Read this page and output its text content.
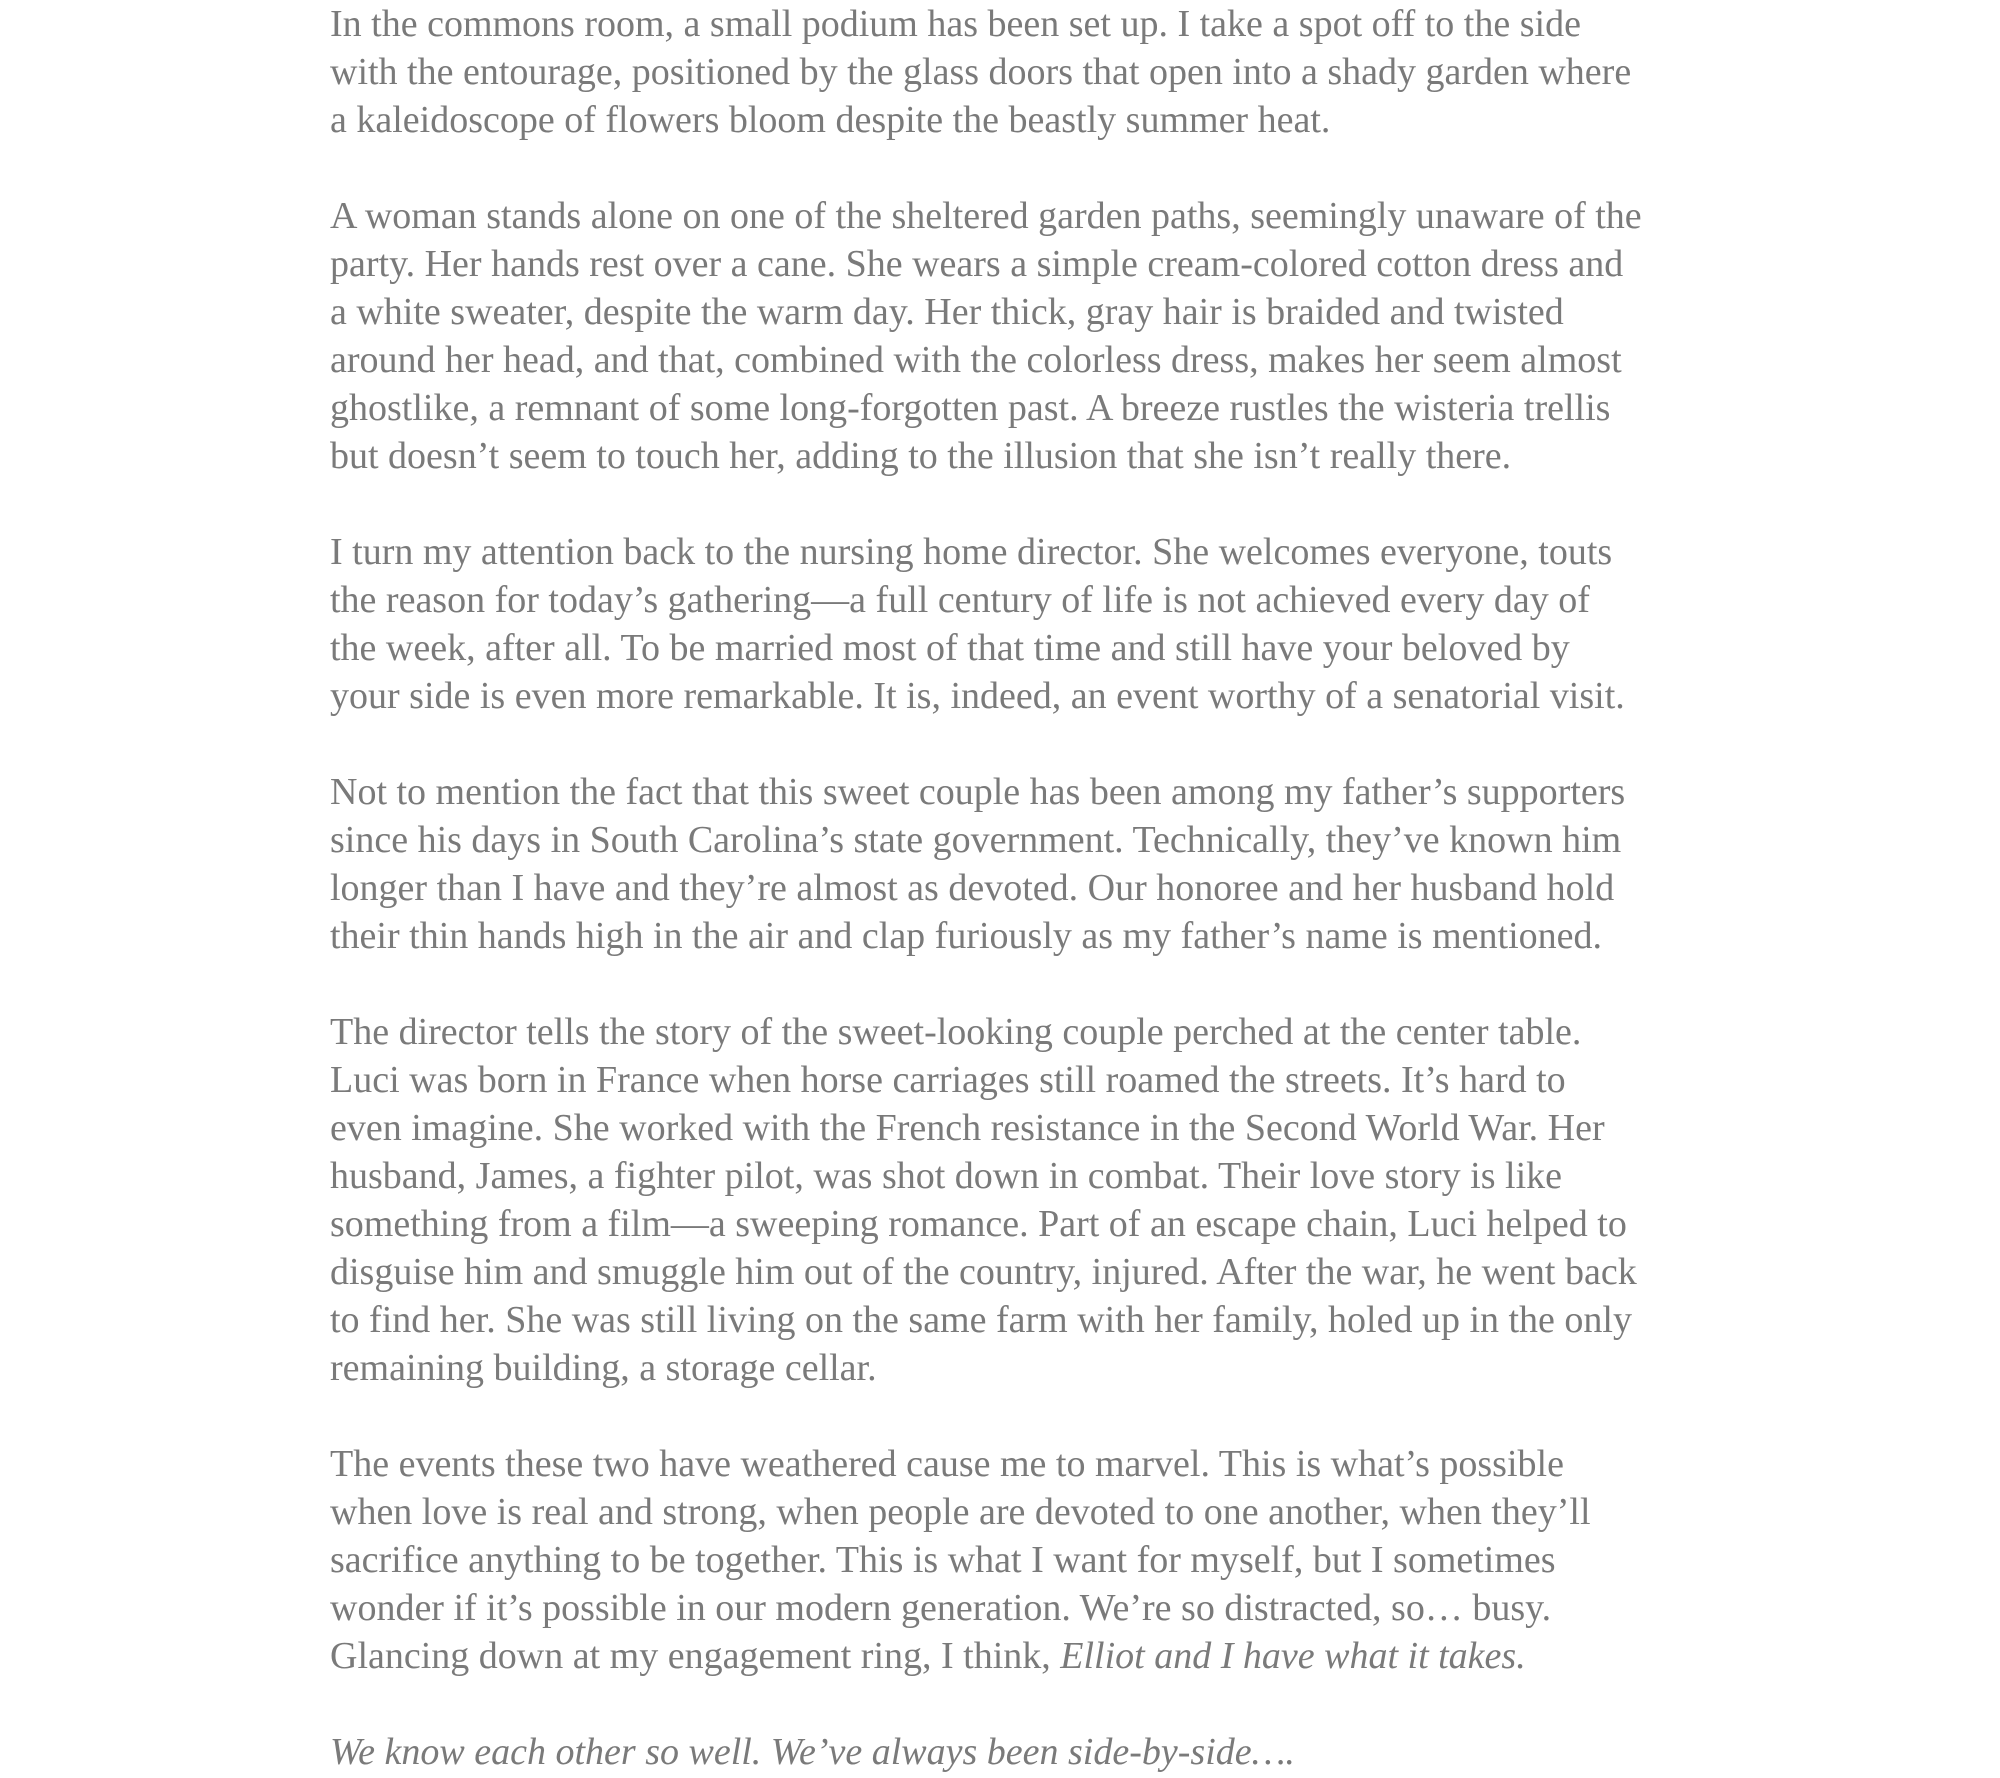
In the commons room, a small podium has been set up. I take a spot off to the side
with the entourage, positioned by the glass doors that open into a shady garden where
a kaleidoscope of flowers bloom despite the beastly summer heat.
A woman stands alone on one of the sheltered garden paths, seemingly unaware of the
party. Her hands rest over a cane. She wears a simple cream-colored cotton dress and
a white sweater, despite the warm day. Her thick, gray hair is braided and twisted
around her head, and that, combined with the colorless dress, makes her seem almost
ghostlike, a remnant of some long-forgotten past. A breeze rustles the wisteria trellis
but doesn’t seem to touch her, adding to the illusion that she isn’t really there.
I turn my attention back to the nursing home director. She welcomes everyone, touts
the reason for today’s gathering—a full century of life is not achieved every day of
the week, after all. To be married most of that time and still have your beloved by
your side is even more remarkable. It is, indeed, an event worthy of a senatorial visit.
Not to mention the fact that this sweet couple has been among my father’s supporters
since his days in South Carolina’s state government. Technically, they’ve known him
longer than I have and they’re almost as devoted. Our honoree and her husband hold
their thin hands high in the air and clap furiously as my father’s name is mentioned.
The director tells the story of the sweet-looking couple perched at the center table.
Luci was born in France when horse carriages still roamed the streets. It’s hard to
even imagine. She worked with the French resistance in the Second World War. Her
husband, James, a fighter pilot, was shot down in combat. Their love story is like
something from a film—a sweeping romance. Part of an escape chain, Luci helped to
disguise him and smuggle him out of the country, injured. After the war, he went back
to find her. She was still living on the same farm with her family, holed up in the only
remaining building, a storage cellar.
The events these two have weathered cause me to marvel. This is what’s possible
when love is real and strong, when people are devoted to one another, when they’ll
sacrifice anything to be together. This is what I want for myself, but I sometimes
wonder if it’s possible in our modern generation. We’re so distracted, so… busy.
Glancing down at my engagement ring, I think, Elliot and I have what it takes.
We know each other so well. We’ve always been side-by-side….
